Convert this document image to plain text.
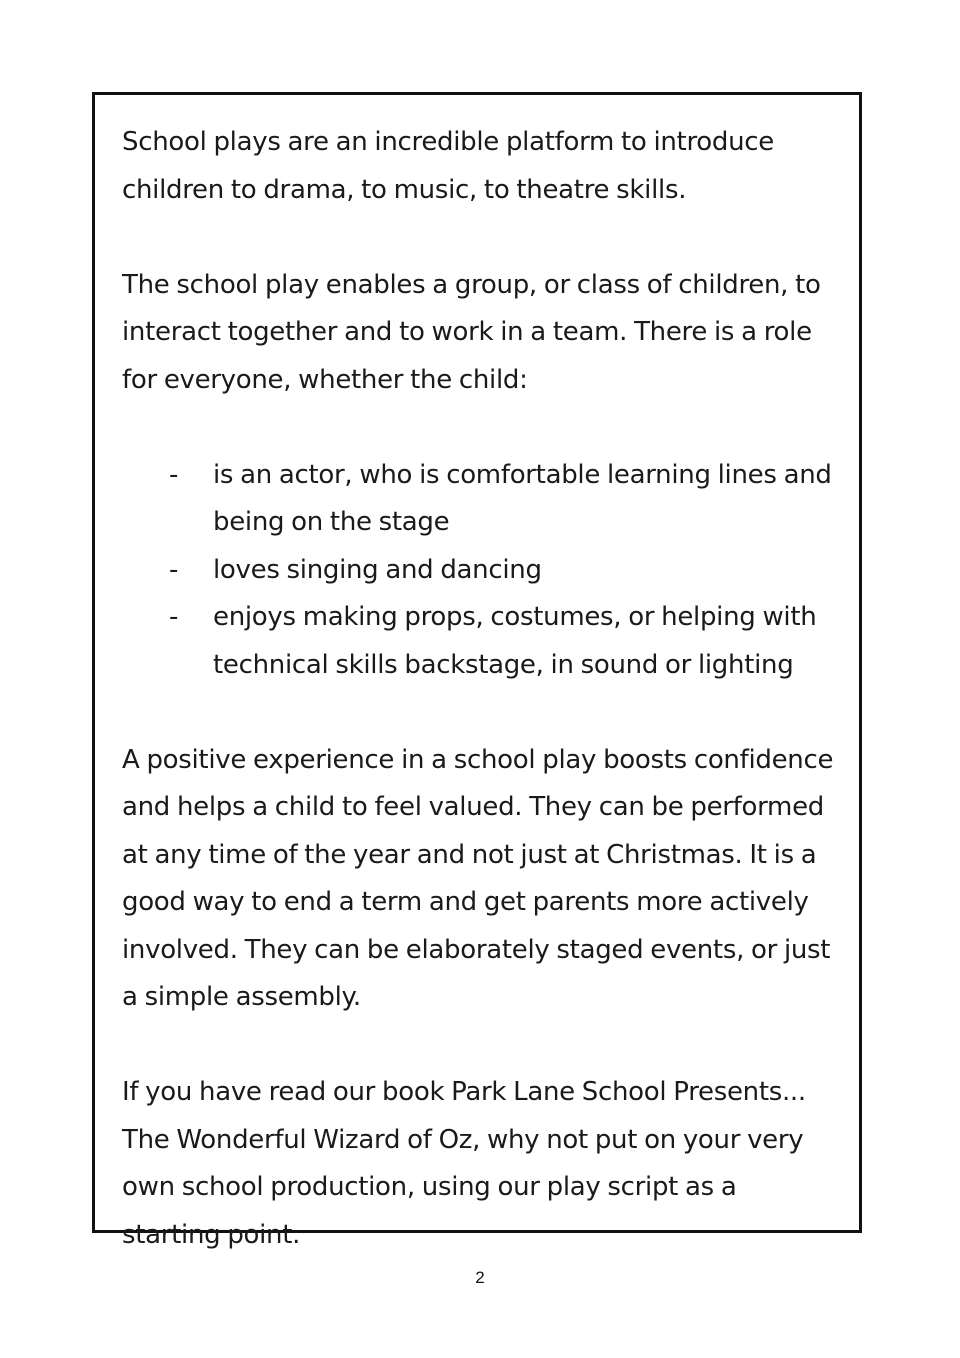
School plays are an incredible platform to introduce children to drama, to music, to theatre skills.

The school play enables a group, or class of children, to interact together and to work in a team. There is a role for everyone, whether the child:

-	is an actor, who is comfortable learning lines and being on the stage
-	loves singing and dancing
-	enjoys making props, costumes, or helping with technical skills backstage, in sound or lighting

A positive experience in a school play boosts confidence and helps a child to feel valued. They can be performed at any time of the year and not just at Christmas. It is a good way to end a term and get parents more actively involved. They can be elaborately staged events, or just a simple assembly.

If you have read our book Park Lane School Presents... The Wonderful Wizard of Oz, why not put on your very own school production, using our play script as a starting point.

2
